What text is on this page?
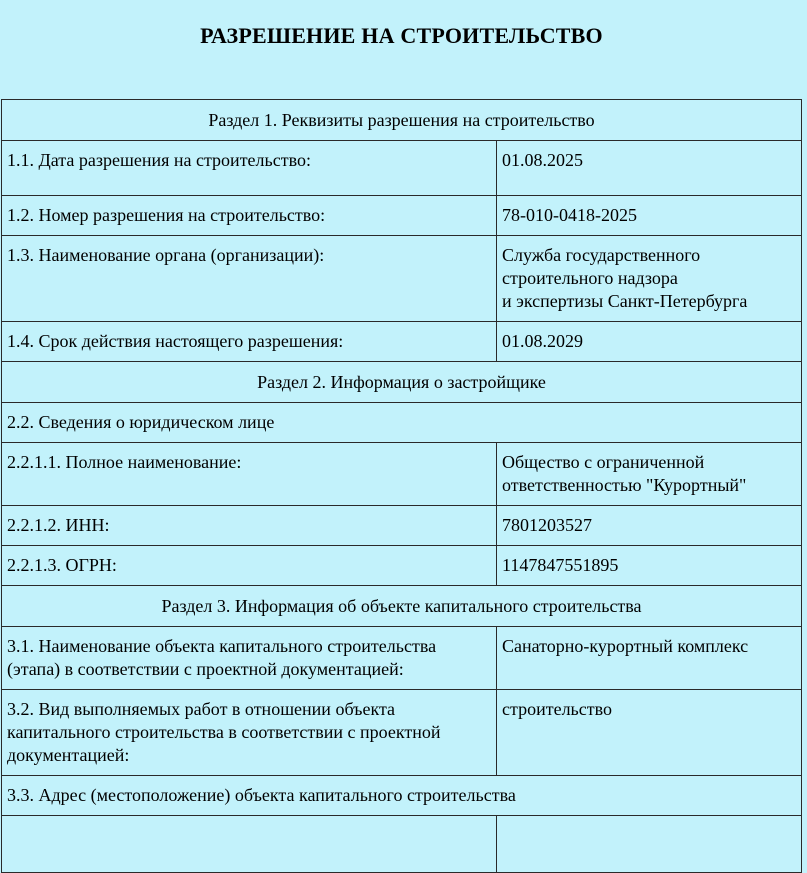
РАЗРЕШЕНИЕ НА СТРОИТЕЛЬСТВО
Раздел 1. Реквизиты разрешения на строительство	
1.1. Дата разрешения на строительство:	01.08.2025
1.2. Номер разрешения на строительство:	78-010-0418-2025
1.3. Наименование органа (организации):	Служба государственного
строительного надзора
и экспертизы Санкт-Петербурга
1.4. Срок действия настоящего разрешения:	01.08.2029
Раздел 2. Информация о застройщике	
2.2. Сведения о юридическом лице	
2.2.1.1. Полное наименование:	Общество с ограниченной
ответственностью "Курортный"
2.2.1.2. ИНН:	7801203527
2.2.1.3. ОГРН:	1147847551895
Раздел 3. Информация об объекте капитального строительства	
3.1. Наименование объекта капитального строительства
(этапа) в соответствии с проектной документацией:	Санаторно-курортный комплекс
3.2. Вид выполняемых работ в отношении объекта
капитального строительства в соответствии с проектной
документацией:	строительство
3.3. Адрес (местоположение) объекта капитального строительства	
